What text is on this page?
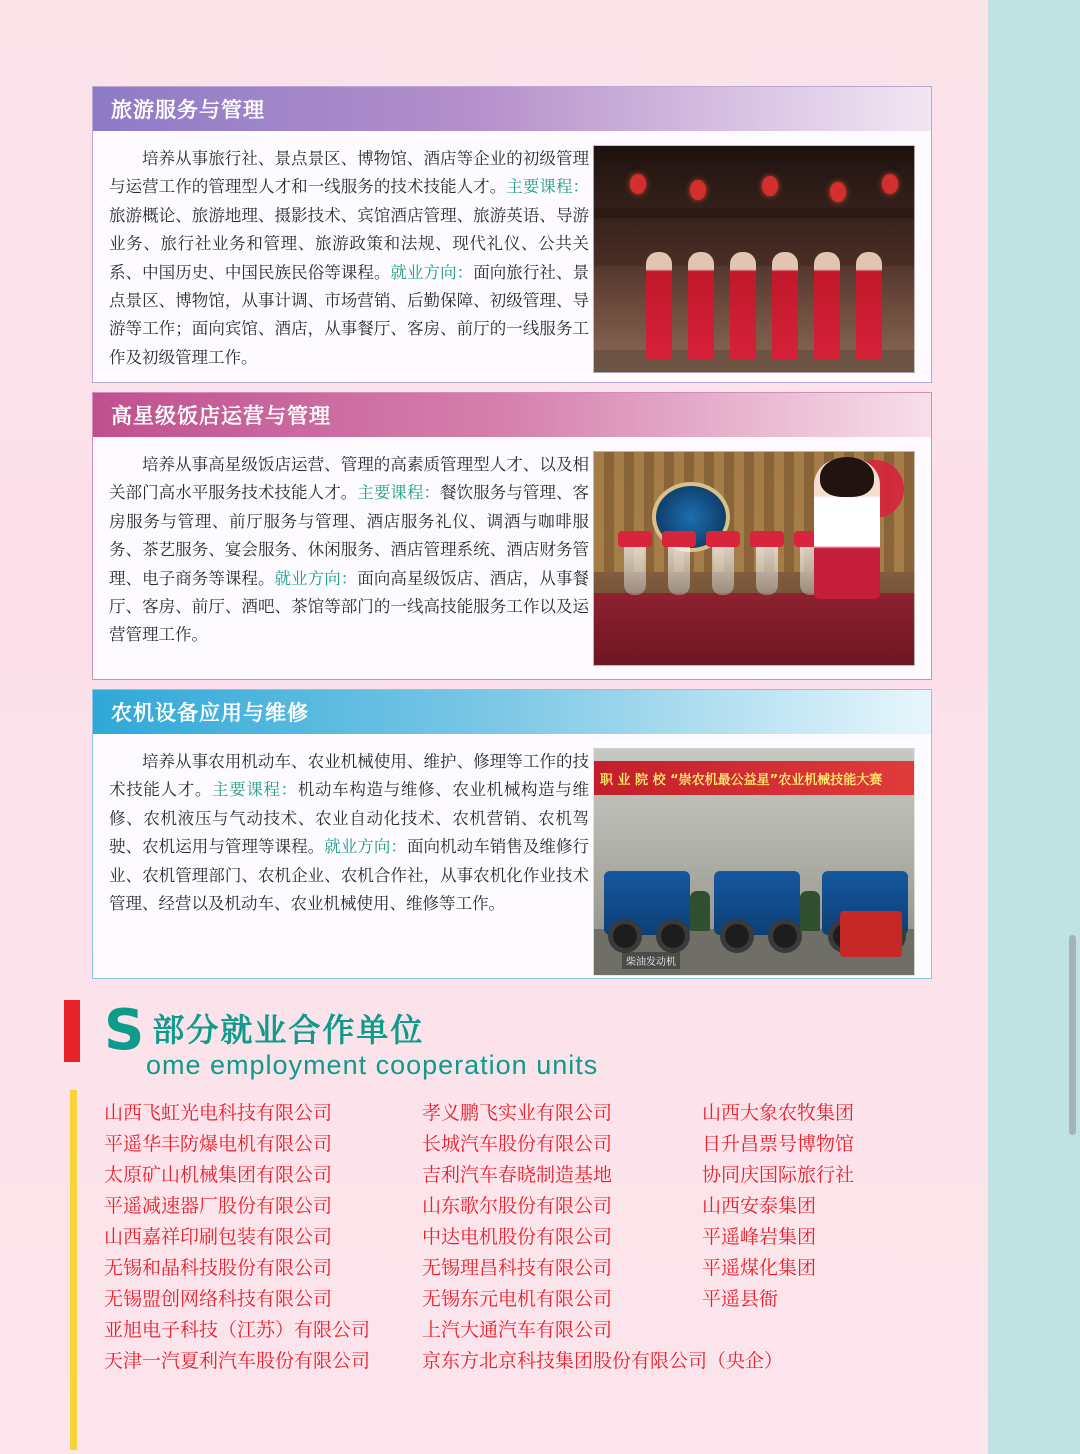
旅游服务与管理
培养从事旅行社、景点景区、博物馆、酒店等企业的初级管理与运营工作的管理型人才和一线服务的技术技能人才。主要课程：旅游概论、旅游地理、摄影技术、宾馆酒店管理、旅游英语、导游业务、旅行社业务和管理、旅游政策和法规、现代礼仪、公共关系、中国历史、中国民族民俗等课程。就业方向：面向旅行社、景点景区、博物馆，从事计调、市场营销、后勤保障、初级管理、导游等工作；面向宾馆、酒店，从事餐厅、客房、前厅的一线服务工作及初级管理工作。
高星级饭店运营与管理
培养从事高星级饭店运营、管理的高素质管理型人才、以及相关部门高水平服务技术技能人才。主要课程：餐饮服务与管理、客房服务与管理、前厅服务与管理、酒店服务礼仪、调酒与咖啡服务、茶艺服务、宴会服务、休闲服务、酒店管理系统、酒店财务管理、电子商务等课程。就业方向：面向高星级饭店、酒店，从事餐厅、客房、前厅、酒吧、茶馆等部门的一线高技能服务工作以及运营管理工作。
农机设备应用与维修
培养从事农用机动车、农业机械使用、维护、修理等工作的技术技能人才。主要课程：机动车构造与维修、农业机械构造与维修、农机液压与气动技术、农业自动化技术、农机营销、农机驾驶、农机运用与管理等课程。就业方向：面向机动车销售及维修行业、农机管理部门、农机企业、农机合作社，从事农机化作业技术管理、经营以及机动车、农业机械使用、维修等工作。
职 业 院 校 “崇农机最公益星”农业机械技能大赛
柴油发动机
S 部分就业合作单位
ome employment cooperation units
山西飞虹光电科技有限公司
平遥华丰防爆电机有限公司
太原矿山机械集团有限公司
平遥减速器厂股份有限公司
山西嘉祥印刷包装有限公司
无锡和晶科技股份有限公司
无锡盟创网络科技有限公司
亚旭电子科技（江苏）有限公司
天津一汽夏利汽车股份有限公司
孝义鹏飞实业有限公司
长城汽车股份有限公司
吉利汽车春晓制造基地
山东歌尔股份有限公司
中达电机股份有限公司
无锡理昌科技有限公司
无锡东元电机有限公司
上汽大通汽车有限公司
京东方北京科技集团股份有限公司（央企）
山西大象农牧集团
日升昌票号博物馆
协同庆国际旅行社
山西安泰集团
平遥峰岩集团
平遥煤化集团
平遥县衙
